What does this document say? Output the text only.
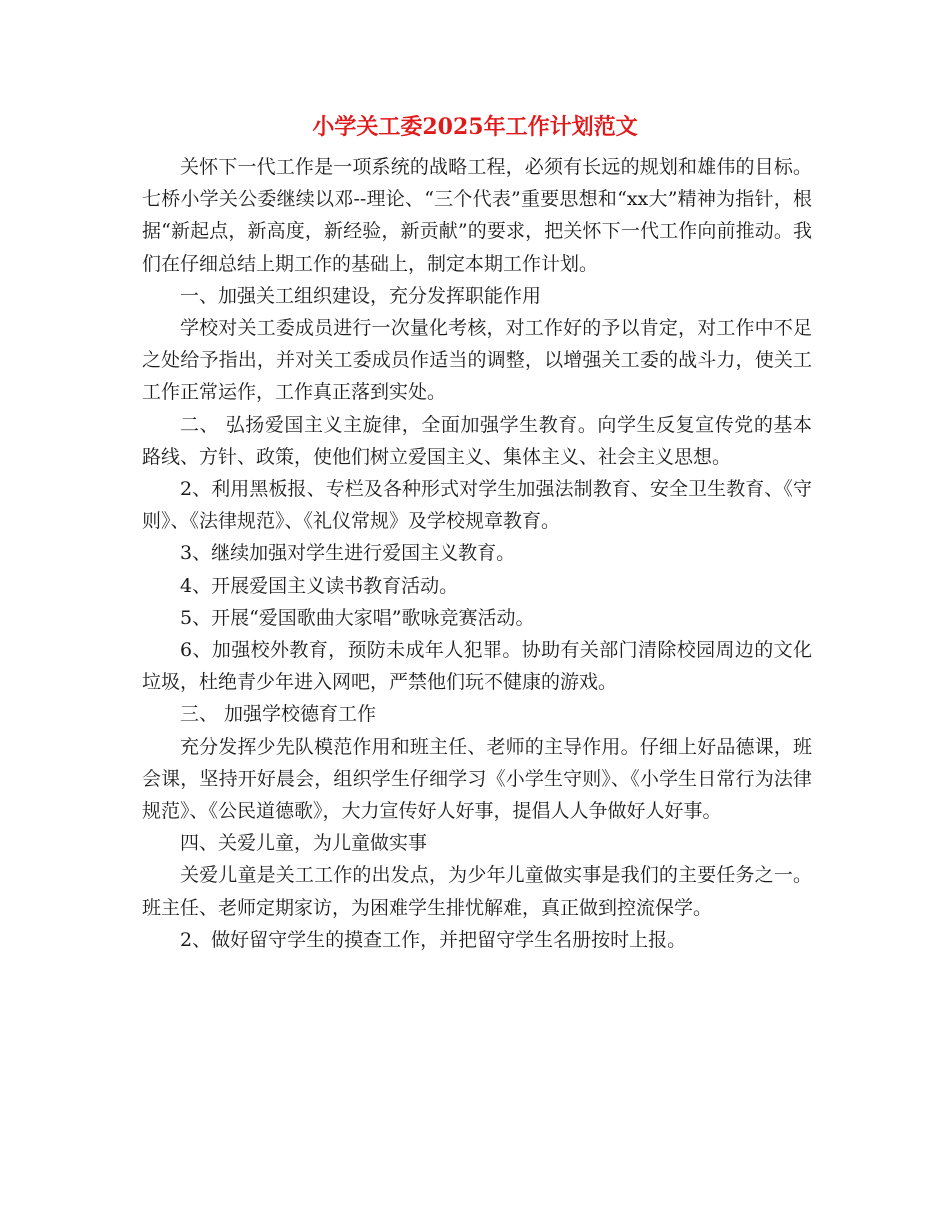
小学关工委2025年工作计划范文

关怀下一代工作是一项系统的战略工程，必须有长远的规划和雄伟的目标。七桥小学关公委继续以邓--理论、“三个代表”重要思想和“xx大”精神为指针，根据“新起点，新高度，新经验，新贡献”的要求，把关怀下一代工作向前推动。我们在仔细总结上期工作的基础上，制定本期工作计划。

一、加强关工组织建设，充分发挥职能作用

学校对关工委成员进行一次量化考核，对工作好的予以肯定，对工作中不足之处给予指出，并对关工委成员作适当的调整，以增强关工委的战斗力，使关工工作正常运作，工作真正落到实处。

二、 弘扬爱国主义主旋律，全面加强学生教育。向学生反复宣传党的基本路线、方针、政策，使他们树立爱国主义、集体主义、社会主义思想。

2、利用黑板报、专栏及各种形式对学生加强法制教育、安全卫生教育、《守则》、《法律规范》、《礼仪常规》及学校规章教育。

3、继续加强对学生进行爱国主义教育。

4、开展爱国主义读书教育活动。

5、开展“爱国歌曲大家唱”歌咏竞赛活动。

6、加强校外教育，预防未成年人犯罪。协助有关部门清除校园周边的文化垃圾，杜绝青少年进入网吧，严禁他们玩不健康的游戏。

三、 加强学校德育工作

充分发挥少先队模范作用和班主任、老师的主导作用。仔细上好品德课，班会课，坚持开好晨会，组织学生仔细学习《小学生守则》、《小学生日常行为法律规范》、《公民道德歌》，大力宣传好人好事，提倡人人争做好人好事。

四、关爱儿童，为儿童做实事

关爱儿童是关工工作的出发点，为少年儿童做实事是我们的主要任务之一。班主任、老师定期家访，为困难学生排忧解难，真正做到控流保学。

2、做好留守学生的摸查工作，并把留守学生名册按时上报。
